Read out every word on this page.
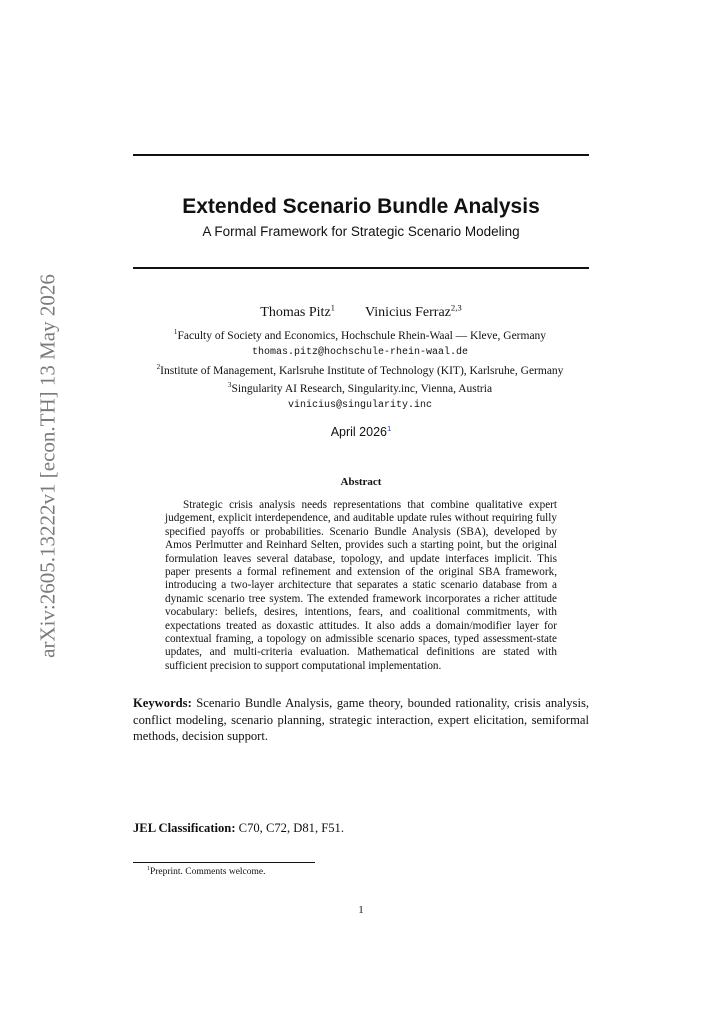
arXiv:2605.13222v1 [econ.TH] 13 May 2026
Extended Scenario Bundle Analysis
A Formal Framework for Strategic Scenario Modeling
Thomas Pitz$^1$ Vinicius Ferraz$^{2,3}$
$^1$Faculty of Society and Economics, Hochschule Rhein-Waal — Kleve, Germany
thomas.pitz@hochschule-rhein-waal.de
$^2$Institute of Management, Karlsruhe Institute of Technology (KIT), Karlsruhe, Germany
$^3$Singularity AI Research, Singularity.inc, Vienna, Austria
vinicius@singularity.inc
April 2026$^1$
Abstract
Strategic crisis analysis needs representations that combine qualitative expert judgement, explicit interdependence, and auditable update rules without requiring fully specified payoffs or probabilities. Scenario Bundle Analysis (SBA), developed by Amos Perlmutter and Reinhard Selten, provides such a starting point, but the original formulation leaves several database, topology, and update interfaces implicit. This paper presents a formal refinement and extension of the original SBA framework, introducing a two-layer architecture that separates a static scenario database from a dynamic scenario tree system. The extended framework incorporates a richer attitude vocabulary: beliefs, desires, intentions, fears, and coalitional commitments, with expectations treated as doxastic attitudes. It also adds a domain/modifier layer for contextual framing, a topology on admissible scenario spaces, typed assessment-state updates, and multi-criteria evaluation. Mathematical definitions are stated with sufficient precision to support computational implementation.
Keywords: Scenario Bundle Analysis, game theory, bounded rationality, crisis analysis, conflict modeling, scenario planning, strategic interaction, expert elicitation, semiformal methods, decision support.
JEL Classification: C70, C72, D81, F51.
$^1$Preprint. Comments welcome.
1
